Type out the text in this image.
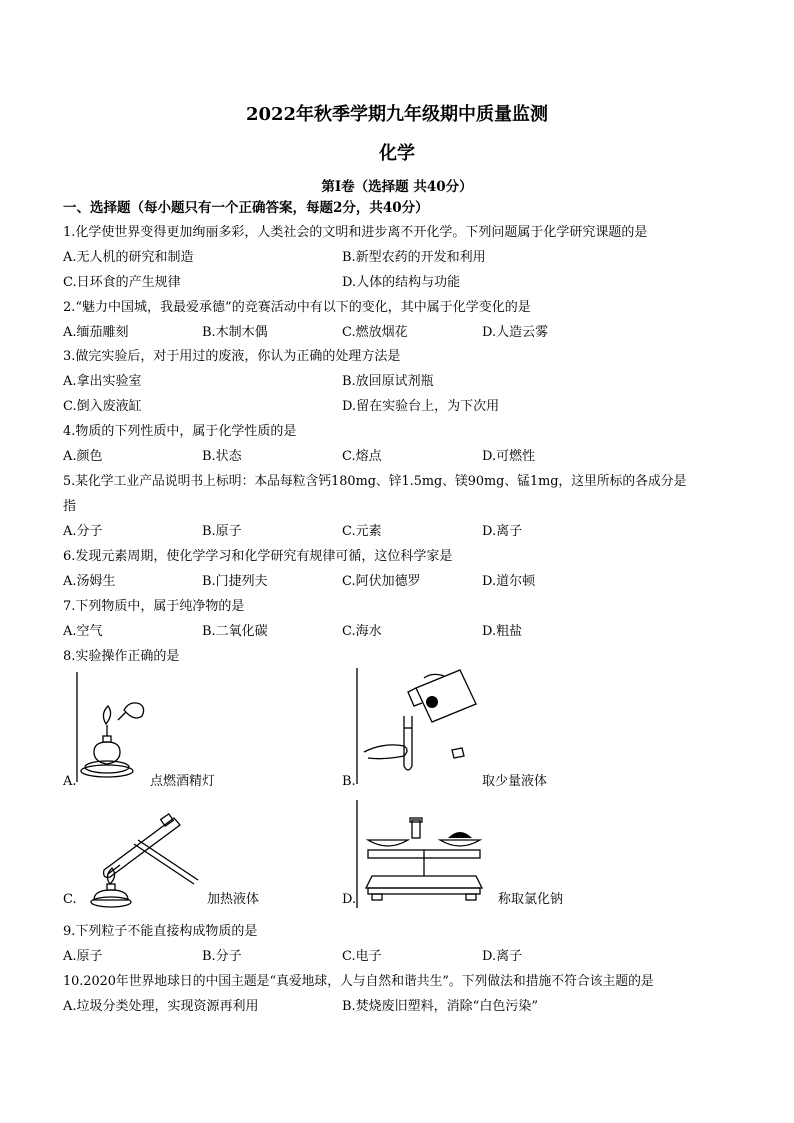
2022年秋季学期九年级期中质量监测
化学
第Ⅰ卷（选择题 共40分）
一、选择题（每小题只有一个正确答案，每题2分，共40分）
1.化学使世界变得更加绚丽多彩，人类社会的文明和进步离不开化学。下列问题属于化学研究课题的是
A.无人机的研究和制造	B.新型农药的开发和利用
C.日环食的产生规律	D.人体的结构与功能
2.“魅力中国城，我最爱承德”的竞赛活动中有以下的变化，其中属于化学变化的是
A.缅茄雕刻	B.木制木偶	C.燃放烟花	D.人造云雾
3.做完实验后，对于用过的废液，你认为正确的处理方法是
A.拿出实验室	B.放回原试剂瓶
C.倒入废液缸	D.留在实验台上，为下次用
4.物质的下列性质中，属于化学性质的是
A.颜色	B.状态	C.熔点	D.可燃性
5.某化学工业产品说明书上标明：本品每粒含钙180mg、锌1.5mg、镁90mg、锰1mg，这里所标的各成分是
指
A.分子	B.原子	C.元素	D.离子
6.发现元素周期，使化学学习和化学研究有规律可循，这位科学家是
A.汤姆生	B.门捷列夫	C.阿伏加德罗	D.道尔顿
7.下列物质中，属于纯净物的是
A.空气	B.二氧化碳	C.海水	D.粗盐
8.实验操作正确的是
A.	点燃酒精灯	B.	取少量液体
C.	加热液体	D.	称取氯化钠
9.下列粒子不能直接构成物质的是
A.原子	B.分子	C.电子	D.离子
10.2020年世界地球日的中国主题是“真爱地球，人与自然和谐共生”。下列做法和措施不符合该主题的是
A.垃圾分类处理，实现资源再利用	B.焚烧废旧塑料，消除“白色污染”
